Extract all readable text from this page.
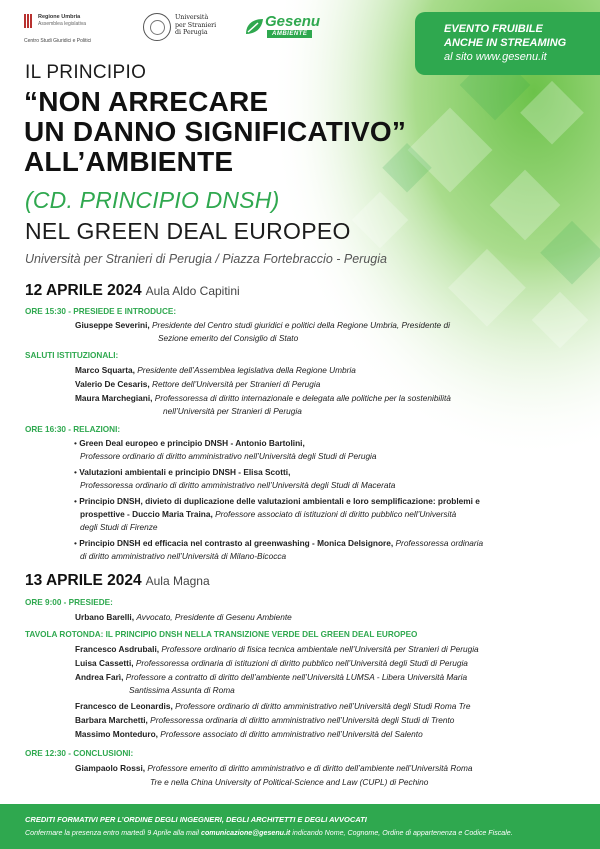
Regione Umbria
Assemblea legislativa
Centro Studi Giuridici e Politici
Università
per Stranieri
di Perugia
Gesenu
AMBIENTE	EVENTO FRUIBILE
ANCHE IN STREAMING
al sito www.gesenu.it
IL PRINCIPIO
“NON ARRECARE
UN DANNO SIGNIFICATIVO”
ALL’AMBIENTE
(CD. PRINCIPIO DNSH)
NEL GREEN DEAL EUROPEO
Università per Stranieri di Perugia / Piazza Fortebraccio - Perugia
12 APRILE 2024 Aula Aldo Capitini
ORE 15:30 - PRESIEDE E INTRODUCE:
Giuseppe Severini, Presidente del Centro studi giuridici e politici della Regione Umbria, Presidente di
Sezione emerito del Consiglio di Stato
SALUTI ISTITUZIONALI:
Marco Squarta, Presidente dell’Assemblea legislativa della Regione Umbria
Valerio De Cesaris, Rettore dell’Università per Stranieri di Perugia
Maura Marchegiani, Professoressa di diritto internazionale e delegata alle politiche per la sostenibilità
nell’Università per Stranieri di Perugia
ORE 16:30 - RELAZIONI:
• Green Deal europeo e principio DNSH - Antonio Bartolini,
Professore ordinario di diritto amministrativo nell’Università degli Studi di Perugia
• Valutazioni ambientali e principio DNSH - Elisa Scotti,
Professoressa ordinario di diritto amministrativo nell’Università degli Studi di Macerata
• Principio DNSH, divieto di duplicazione delle valutazioni ambientali e loro semplificazione: problemi e
prospettive - Duccio Maria Traina, Professore associato di istituzioni di diritto pubblico nell’Università
degli Studi di Firenze
• Principio DNSH ed efficacia nel contrasto al greenwashing - Monica Delsignore, Professoressa ordinaria
di diritto amministrativo nell’Università di Milano-Bicocca
13 APRILE 2024 Aula Magna
ORE 9:00 - PRESIEDE:
Urbano Barelli, Avvocato, Presidente di Gesenu Ambiente
TAVOLA ROTONDA: IL PRINCIPIO DNSH NELLA TRANSIZIONE VERDE DEL GREEN DEAL EUROPEO
Francesco Asdrubali, Professore ordinario di fisica tecnica ambientale nell’Università per Stranieri di Perugia
Luisa Cassetti, Professoressa ordinaria di istituzioni di diritto pubblico nell’Università degli Studi di Perugia
Andrea Farì, Professore a contratto di diritto dell’ambiente nell’Università LUMSA - Libera Università Maria
Santissima Assunta di Roma
Francesco de Leonardis, Professore ordinario di diritto amministrativo nell’Università degli Studi Roma Tre
Barbara Marchetti, Professoressa ordinaria di diritto amministrativo nell’Università degli Studi di Trento
Massimo Monteduro, Professore associato di diritto amministrativo nell’Università del Salento
ORE 12:30 - CONCLUSIONI:
Giampaolo Rossi, Professore emerito di diritto amministrativo e di diritto dell’ambiente nell’Università Roma
Tre e nella China University of Political-Science and Law (CUPL) di Pechino
CREDITI FORMATIVI PER L’ORDINE DEGLI INGEGNERI, DEGLI ARCHITETTI E DEGLI AVVOCATI
Confermare la presenza entro martedì 9 Aprile alla mail comunicazione@gesenu.it indicando Nome, Cognome, Ordine di appartenenza e Codice Fiscale.
